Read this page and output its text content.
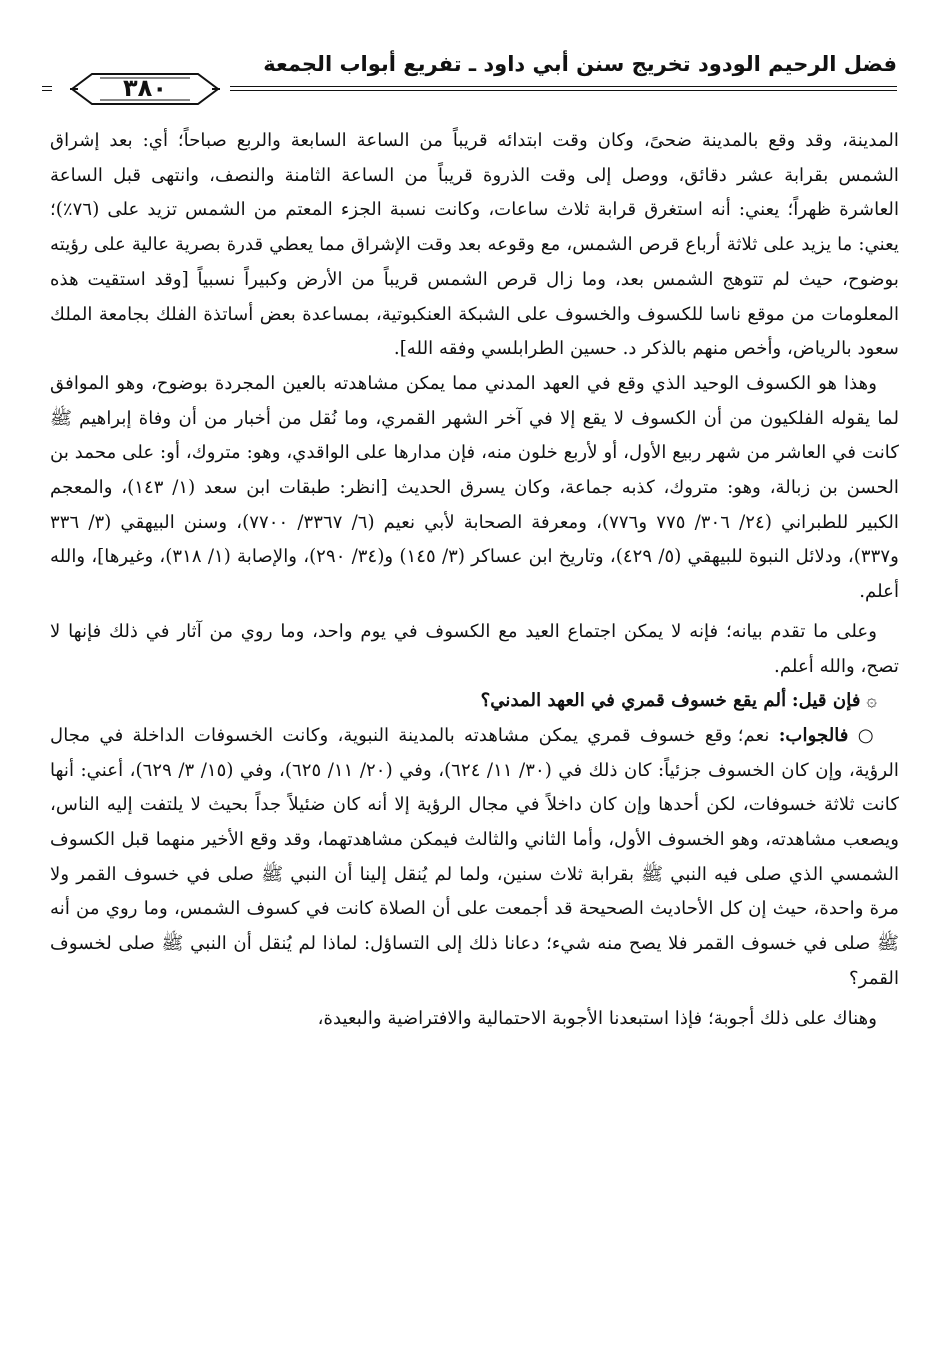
فضل الرحيم الودود تخريج سنن أبي داود ـ تفريع أبواب الجمعة
٣٨٠

المدينة، وقد وقع بالمدينة ضحىً، وكان وقت ابتدائه قريباً من الساعة السابعة والربع صباحاً؛ أي: بعد إشراق الشمس بقرابة عشر دقائق، ووصل إلى وقت الذروة قريباً من الساعة الثامنة والنصف، وانتهى قبل الساعة العاشرة ظهراً؛ يعني: أنه استغرق قرابة ثلاث ساعات، وكانت نسبة الجزء المعتم من الشمس تزيد على (٧٦٪)؛ يعني: ما يزيد على ثلاثة أرباع قرص الشمس، مع وقوعه بعد وقت الإشراق مما يعطي قدرة بصرية عالية على رؤيته بوضوح، حيث لم تتوهج الشمس بعد، وما زال قرص الشمس قريباً من الأرض وكبيراً نسبياً [وقد استقيت هذه المعلومات من موقع ناسا للكسوف والخسوف على الشبكة العنكبوتية، بمساعدة بعض أساتذة الفلك بجامعة الملك سعود بالرياض، وأخص منهم بالذكر د. حسين الطرابلسي وفقه الله].

وهذا هو الكسوف الوحيد الذي وقع في العهد المدني مما يمكن مشاهدته بالعين المجردة بوضوح، وهو الموافق لما يقوله الفلكيون من أن الكسوف لا يقع إلا في آخر الشهر القمري، وما نُقل من أخبار من أن وفاة إبراهيم ﷺ كانت في العاشر من شهر ربيع الأول، أو لأربع خلون منه، فإن مدارها على الواقدي، وهو: متروك، أو: على محمد بن الحسن بن زبالة، وهو: متروك، كذبه جماعة، وكان يسرق الحديث [انظر: طبقات ابن سعد (١/ ١٤٣)، والمعجم الكبير للطبراني (٢٤/ ٣٠٦/ ٧٧٥ و٧٧٦)، ومعرفة الصحابة لأبي نعيم (٦/ ٣٣٦٧/ ٧٧٠٠)، وسنن البيهقي (٣/ ٣٣٦ و٣٣٧)، ودلائل النبوة للبيهقي (٥/ ٤٢٩)، وتاريخ ابن عساكر (٣/ ١٤٥) و(٣٤/ ٢٩٠)، والإصابة (١/ ٣١٨)، وغيرها]، والله أعلم.

وعلى ما تقدم بيانه؛ فإنه لا يمكن اجتماع العيد مع الكسوف في يوم واحد، وما روي من آثار في ذلك فإنها لا تصح، والله أعلم.

۞ فإن قيل: ألم يقع خسوف قمري في العهد المدني؟

○ فالجواب: نعم؛ وقع خسوف قمري يمكن مشاهدته بالمدينة النبوية، وكانت الخسوفات الداخلة في مجال الرؤية، وإن كان الخسوف جزئياً: كان ذلك في (٣٠/ ١١/ ٦٢٤)، وفي (٢٠/ ١١/ ٦٢٥)، وفي (١٥/ ٣/ ٦٢٩)، أعني: أنها كانت ثلاثة خسوفات، لكن أحدها وإن كان داخلاً في مجال الرؤية إلا أنه كان ضئيلاً جداً بحيث لا يلتفت إليه الناس، ويصعب مشاهدته، وهو الخسوف الأول، وأما الثاني والثالث فيمكن مشاهدتهما، وقد وقع الأخير منهما قبل الكسوف الشمسي الذي صلى فيه النبي ﷺ بقرابة ثلاث سنين، ولما لم يُنقل إلينا أن النبي ﷺ صلى في خسوف القمر ولا مرة واحدة، حيث إن كل الأحاديث الصحيحة قد أجمعت على أن الصلاة كانت في كسوف الشمس، وما روي من أنه ﷺ صلى في خسوف القمر فلا يصح منه شيء؛ دعانا ذلك إلى التساؤل: لماذا لم يُنقل أن النبي ﷺ صلى لخسوف القمر؟

وهناك على ذلك أجوبة؛ فإذا استبعدنا الأجوبة الاحتمالية والافتراضية والبعيدة،
